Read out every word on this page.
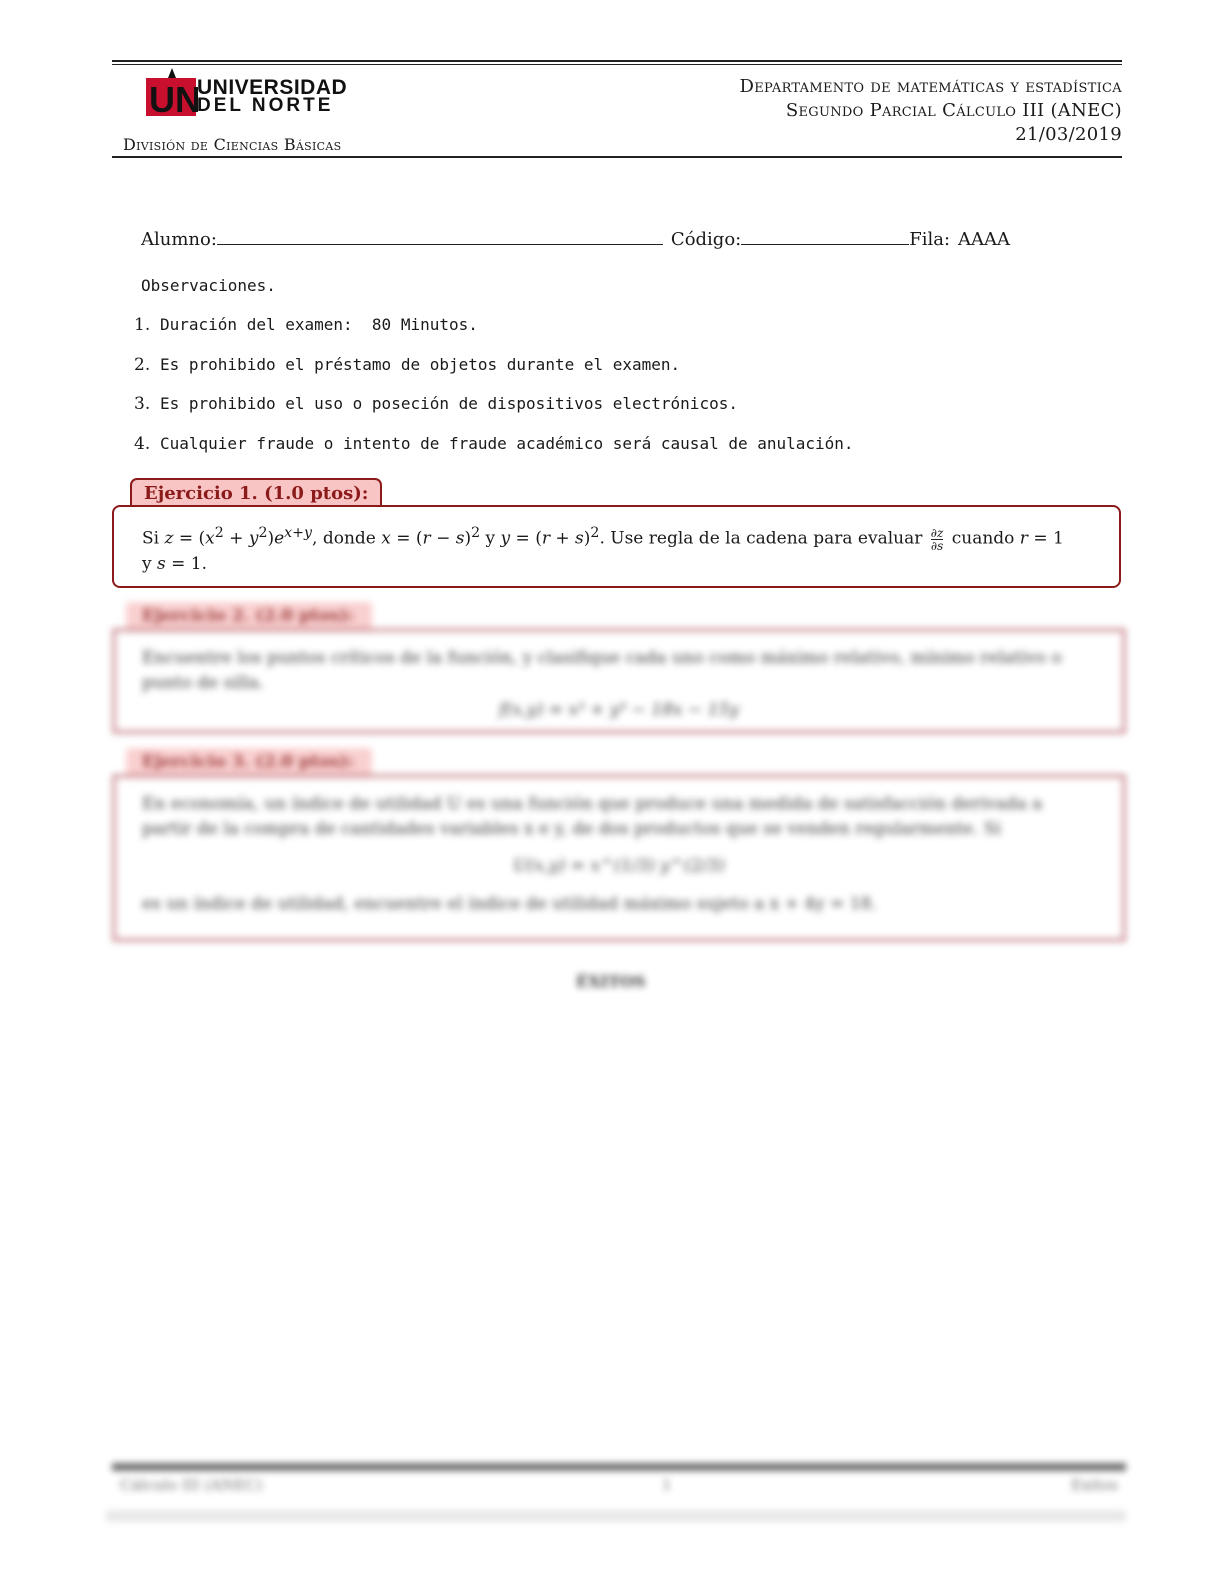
UN
UNIVERSIDAD
DEL NORTE
División de Ciencias Básicas
Departamento de matemáticas y estadística
Segundo Parcial Cálculo III (ANEC)
21/03/2019
Alumno:	Código:	Fila: AAAA
Observaciones.
1. Duración del examen:  80 Minutos.
2. Es prohibido el préstamo de objetos durante el examen.
3. Es prohibido el uso o poseción de dispositivos electrónicos.
4. Cualquier fraude o intento de fraude académico será causal de anulación.
Ejercicio 1. (1.0 ptos):
Si $z = (x^2 + y^2)e^{x+y}$, donde $x = (r - s)^2$ y $y = (r + s)^2$. Use regla de la cadena para evaluar $\frac{\partial z}{\partial s}$ cuando r = 1
y s = 1.
Ejercicio 2. (2.0 ptos):
Encuentre los puntos críticos de la función, y clasifique cada uno como máximo relativo, mínimo relativo o punto de silla.
f(x,y) = x³ + y³ − 18x − 15y
Ejercicio 3. (2.0 ptos):
En economía, un índice de utilidad U es una función que produce una medida de satisfacción derivada a partir de la compra de cantidades variables x e y, de dos productos que se venden regularmente. Si
U(x,y) = x^(1/3) y^(2/3)
es un índice de utilidad, encuentre el índice de utilidad máximo sujeto a x + 4y = 18.
ÉXITOS
Cálculo III (ANEC)	1	Exitos
